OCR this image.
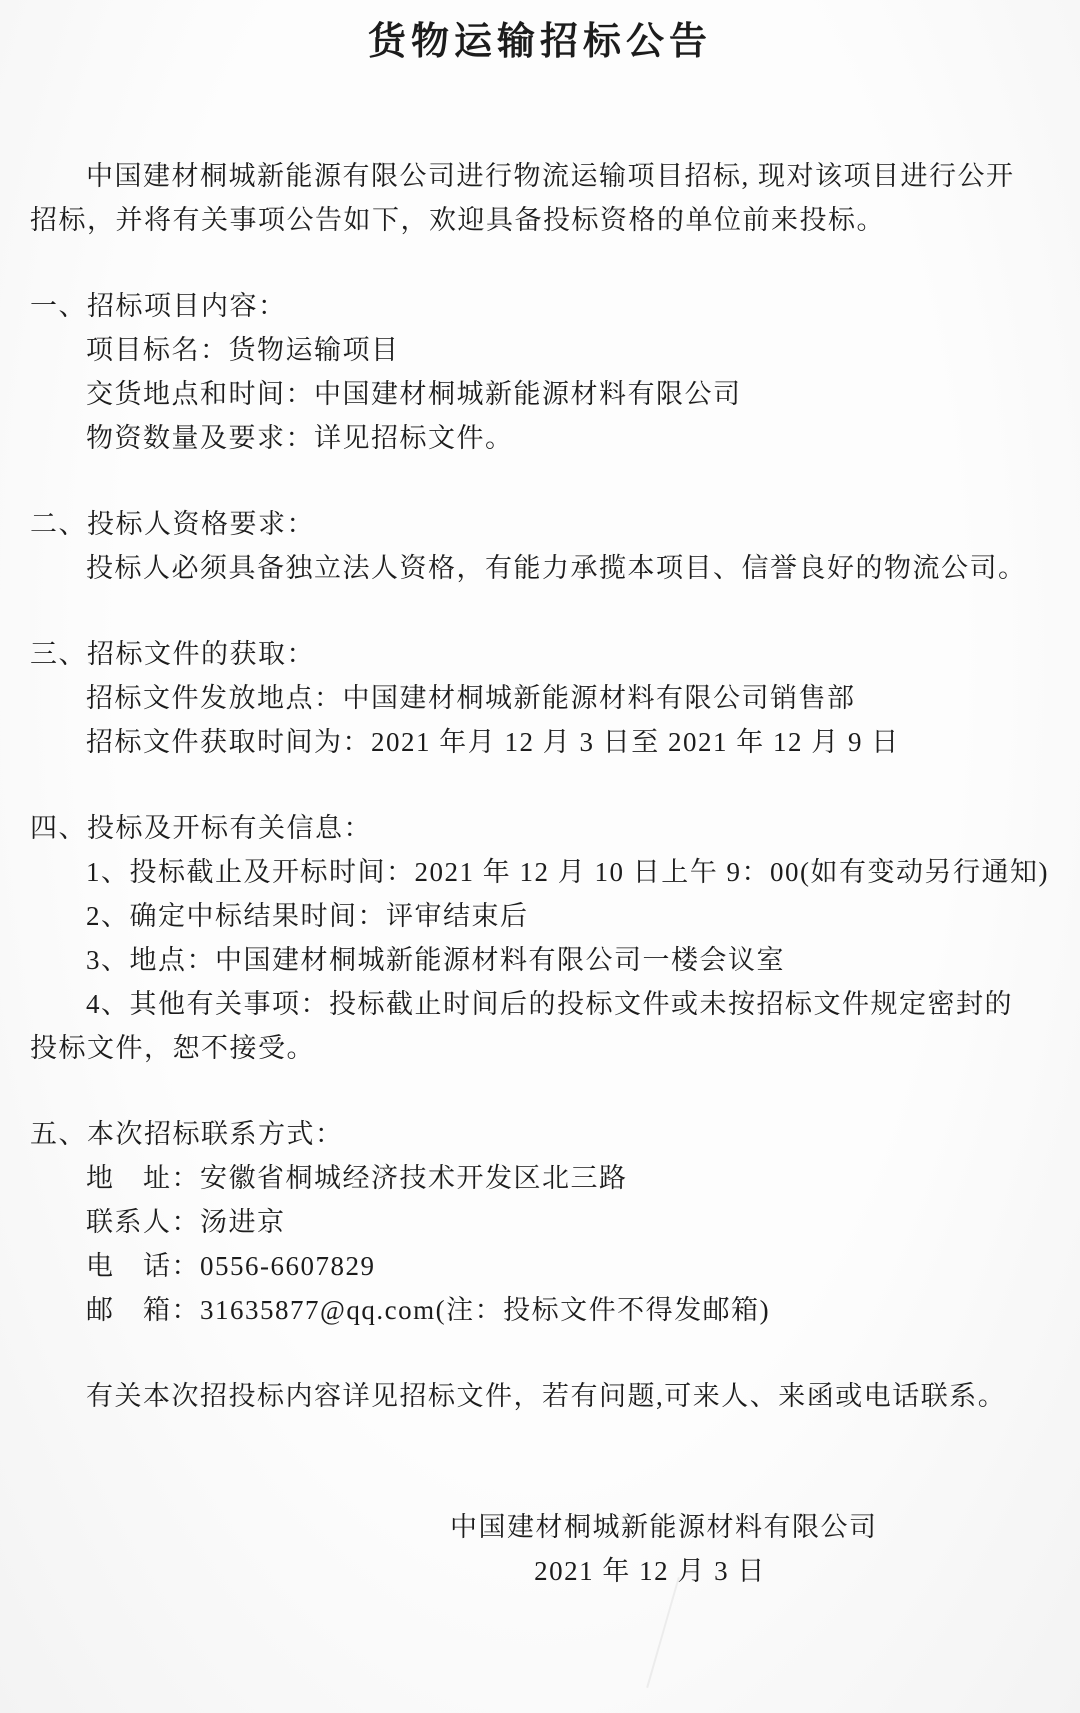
货物运输招标公告
中国建材桐城新能源有限公司进行物流运输项目招标, 现对该项目进行公开
招标，并将有关事项公告如下，欢迎具备投标资格的单位前来投标。
一、招标项目内容：
项目标名：货物运输项目
交货地点和时间：中国建材桐城新能源材料有限公司
物资数量及要求：详见招标文件。
二、投标人资格要求：
投标人必须具备独立法人资格，有能力承揽本项目、信誉良好的物流公司。
三、招标文件的获取：
招标文件发放地点：中国建材桐城新能源材料有限公司销售部
招标文件获取时间为：2021 年月 12 月 3 日至 2021 年 12 月 9 日
四、投标及开标有关信息：
1、投标截止及开标时间：2021 年 12 月 10 日上午 9：00(如有变动另行通知)
2、确定中标结果时间：评审结束后
3、地点：中国建材桐城新能源材料有限公司一楼会议室
4、其他有关事项：投标截止时间后的投标文件或未按招标文件规定密封的
投标文件，恕不接受。
五、本次招标联系方式：
地　址：安徽省桐城经济技术开发区北三路
联系人：汤进京
电　话：0556-6607829
邮　箱：31635877@qq.com(注：投标文件不得发邮箱)
有关本次招投标内容详见招标文件，若有问题,可来人、来函或电话联系。
中国建材桐城新能源材料有限公司
2021 年 12 月 3 日
